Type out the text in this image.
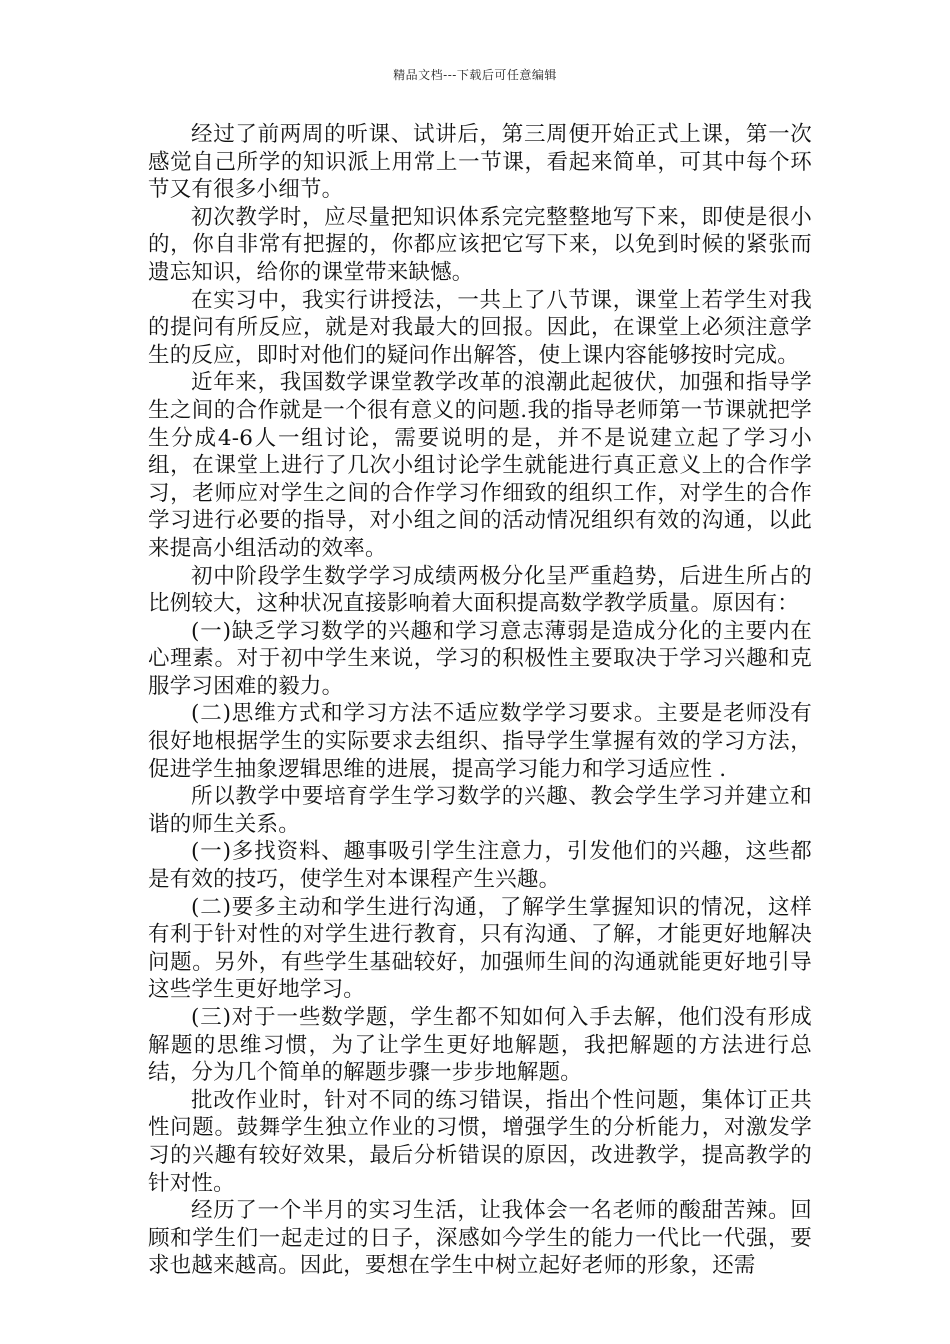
精品文档---下载后可任意编辑

经过了前两周的听课、试讲后，第三周便开始正式上课，第一次感觉自己所学的知识派上用常上一节课，看起来简单，可其中每个环节又有很多小细节。

初次教学时，应尽量把知识体系完完整整地写下来，即使是很小的，你自非常有把握的，你都应该把它写下来，以免到时候的紧张而遗忘知识，给你的课堂带来缺憾。

在实习中，我实行讲授法，一共上了八节课，课堂上若学生对我的提问有所反应，就是对我最大的回报。因此，在课堂上必须注意学生的反应，即时对他们的疑问作出解答，使上课内容能够按时完成。

近年来，我国数学课堂教学改革的浪潮此起彼伏，加强和指导学生之间的合作就是一个很有意义的问题.我的指导老师第一节课就把学生分成4-6人一组讨论，需要说明的是，并不是说建立起了学习小组，在课堂上进行了几次小组讨论学生就能进行真正意义上的合作学习，老师应对学生之间的合作学习作细致的组织工作，对学生的合作学习进行必要的指导，对小组之间的活动情况组织有效的沟通，以此来提高小组活动的效率。

初中阶段学生数学学习成绩两极分化呈严重趋势，后进生所占的比例较大，这种状况直接影响着大面积提高数学教学质量。原因有：

(一)缺乏学习数学的兴趣和学习意志薄弱是造成分化的主要内在心理素。对于初中学生来说，学习的积极性主要取决于学习兴趣和克服学习困难的毅力。

(二)思维方式和学习方法不适应数学学习要求。主要是老师没有很好地根据学生的实际要求去组织、指导学生掌握有效的学习方法，促进学生抽象逻辑思维的进展，提高学习能力和学习适应性 .

所以教学中要培育学生学习数学的兴趣、教会学生学习并建立和谐的师生关系。

(一)多找资料、趣事吸引学生注意力，引发他们的兴趣，这些都是有效的技巧，使学生对本课程产生兴趣。

(二)要多主动和学生进行沟通，了解学生掌握知识的情况，这样有利于针对性的对学生进行教育，只有沟通、了解，才能更好地解决问题。另外，有些学生基础较好，加强师生间的沟通就能更好地引导这些学生更好地学习。

(三)对于一些数学题，学生都不知如何入手去解，他们没有形成解题的思维习惯，为了让学生更好地解题，我把解题的方法进行总结，分为几个简单的解题步骤一步步地解题。

批改作业时，针对不同的练习错误，指出个性问题，集体订正共性问题。鼓舞学生独立作业的习惯，增强学生的分析能力，对激发学习的兴趣有较好效果，最后分析错误的原因，改进教学，提高教学的针对性。

经历了一个半月的实习生活，让我体会一名老师的酸甜苦辣。回顾和学生们一起走过的日子，深感如今学生的能力一代比一代强，要求也越来越高。因此，要想在学生中树立起好老师的形象，还需
